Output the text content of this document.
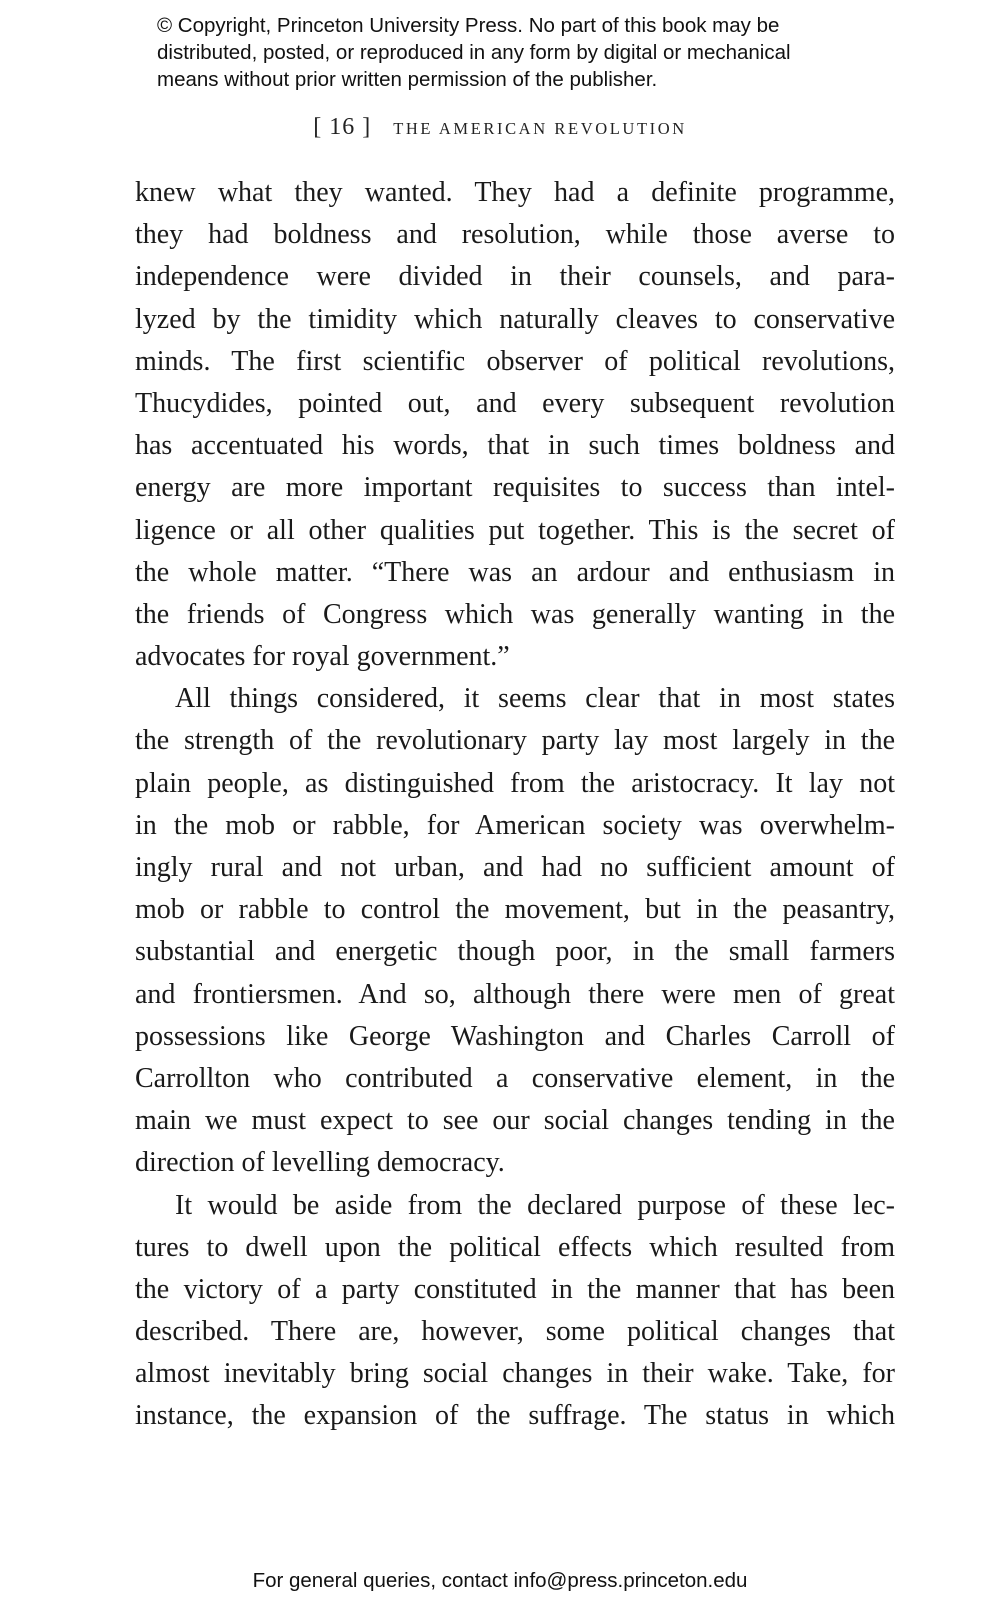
© Copyright, Princeton University Press. No part of this book may be
distributed, posted, or reproduced in any form by digital or mechanical
means without prior written permission of the publisher.
[ 16 ] THE AMERICAN REVOLUTION
knew what they wanted. They had a definite programme,
they had boldness and resolution, while those averse to
independence were divided in their counsels, and para-
lyzed by the timidity which naturally cleaves to conservative
minds. The first scientific observer of political revolutions,
Thucydides, pointed out, and every subsequent revolution
has accentuated his words, that in such times boldness and
energy are more important requisites to success than intel-
ligence or all other qualities put together. This is the secret of
the whole matter. “There was an ardour and enthusiasm in
the friends of Congress which was generally wanting in the
advocates for royal government.”
All things considered, it seems clear that in most states
the strength of the revolutionary party lay most largely in the
plain people, as distinguished from the aristocracy. It lay not
in the mob or rabble, for American society was overwhelm-
ingly rural and not urban, and had no sufficient amount of
mob or rabble to control the movement, but in the peasantry,
substantial and energetic though poor, in the small farmers
and frontiersmen. And so, although there were men of great
possessions like George Washington and Charles Carroll of
Carrollton who contributed a conservative element, in the
main we must expect to see our social changes tending in the
direction of levelling democracy.
It would be aside from the declared purpose of these lec-
tures to dwell upon the political effects which resulted from
the victory of a party constituted in the manner that has been
described. There are, however, some political changes that
almost inevitably bring social changes in their wake. Take, for
instance, the expansion of the suffrage. The status in which
For general queries, contact info@press.princeton.edu
